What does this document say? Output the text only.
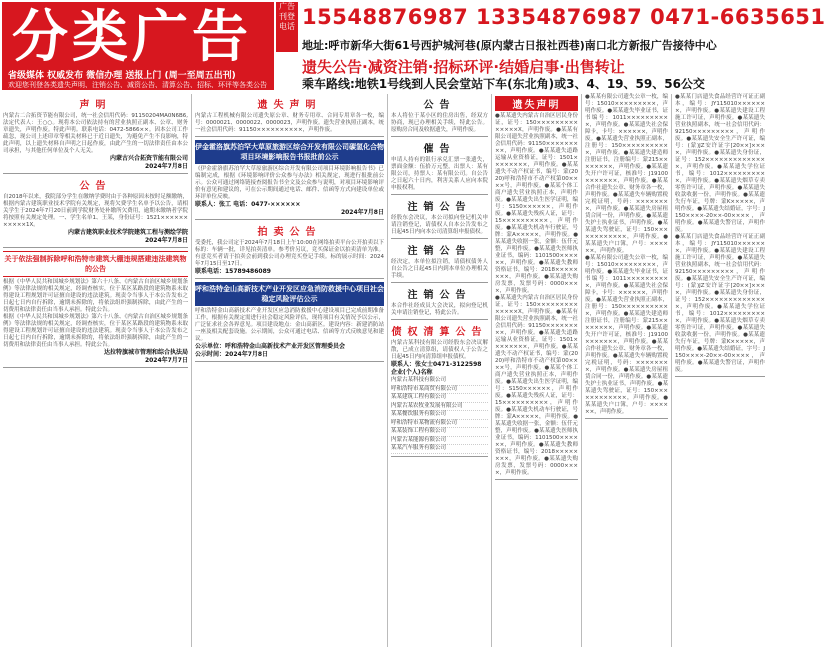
分类广告
省级媒体 权威发布 微信办理 送报上门 (周一至周五出刊)
欢迎您刊登各类遗失声明、注销公告、减资公告、清算公告、招标、环评等各类公告
广告刊登电话 15548876987 13354876987 0471-6635651
地址:呼市新华大街61号西护城河巷(原内蒙古日报社西巷)南口北方新报广告接待中心
遗失公告·减资注销·招标环评·结婚启事·出售转让
乘车路线:地铁1号线到人民会堂站下车(东北角)或3、4、19、59、56公交
声明
内蒙古二合拓资节能有限公司，统一社会信用代码：91150204MA0N6B6,法定代表人：王○○。现将本公司依法持有的营业执照正副本、公章、财务章遗失，声明作废。特此声明。联系电话：0472-5866××。因本公司工作疏忽，现公司上述印章等相关材料已于近日遗失，为避免产生不良影响，特此声明，以上遗失材料自声明之日起作废，由此产生的一切法律责任由本公司承担，与其他任何单位及个人无关。
内蒙古兴合拓资节能有限公司
2024年7月8日
公告
自2018年以来，我院部分学生在缴纳学费时由于各种原因未按时足额缴纳，根据内蒙古建筑职业技术学院有关规定，现将欠费学生名单予以公告，请相关学生于2024年7月20日前到学院财务处补缴所欠费用，逾期未缴纳者学院将按照有关规定处理。一、学生名单1、王某，身份证号：1521×××××××××××1X。
内蒙古建筑职业技术学院建筑工程与测绘学院
2024年7月8日
关于依法强制拆除呼和浩特市建筑大棚违规搭建违法建筑物的公告
根据《中华人民共和国城乡规划法》第六十八条、《内蒙古自治区城乡规划条例》等法律法规的相关规定，经调查核实，位于某区某路段的建筑物系未取得建设工程规划许可证擅自建设的违法建筑。现责令当事人于本公告发布之日起七日内自行拆除，逾期未拆除的，将依法组织强制拆除，由此产生的一切费用和法律责任由当事人承担。特此公告。
根据《中华人民共和国城乡规划法》第六十八条、《内蒙古自治区城乡规划条例》等法律法规的相关规定，经调查核实，位于某区某路段的建筑物系未取得建设工程规划许可证擅自建设的违法建筑。现责令当事人于本公告发布之日起七日内自行拆除，逾期未拆除的，将依法组织强制拆除，由此产生的一切费用和法律责任由当事人承担。特此公告。
达拉特旗城市管理和综合执法局
2024年7月7日
遗失声明
内蒙古工程机械有限公司遗失原公章、财务专用章、合同专用章各一枚，编号：0000021、0000022、0000023，声明作废。遗失营业执照正副本，统一社会信用代码：91150××××××××××，声明作废。
伊金霍洛旗苏泊罕大草原旅游区综合开发有限公司碳氢化合物项目环境影响报告书报批前公示
《伊金霍洛旗苏泊罕大草原旅游区综合开发有限公司项目环境影响报告书》已编制完成，根据《环境影响评价公众参与办法》相关规定，现进行报批前公示。公众可通过网络链接查阅报告书全文及公众参与说明，对项目环境影响评价有意见和建议的，可在公示期间通过电话、邮件、信函等方式向建设单位或环评单位反映。
联系人：张工 电话：0477-××××××
2024年7月8日
拍卖公告
受委托，我公司定于2024年7月18日上午10:00在网络拍卖平台公开拍卖以下标的：车辆一批，详见拍卖清单。参考价另议，竞买保证金以拍卖清单为准。有意竞买者请于拍卖会前到我公司办理竞买登记手续。标的展示时间：2024年7月15日至17日。
联系电话：15789486089
呼和浩特金山高新技术产业开发区应急消防救援中心项目社会稳定风险评估公示
呼和浩特金山高新技术产业开发区应急消防救援中心建设项目已完成前期准备工作，根据有关规定需进行社会稳定风险评估，现将项目有关情况予以公示，广泛征求社会各界意见。项目建设地点：金山高新区。建设内容：新建消防站一座及相关配套设施。公示期间，公众可通过电话、信函等方式反映意见和建议。
公示单位：呼和浩特金山高新技术产业开发区管理委员会
公示时间：2024年7月8日
公告
本人将位于某小区的住房出售，经双方协商，现已办理相关手续，特此公告。原购房合同及收据遗失，声明作废。
催告
申请人持有的银行承兑汇票一张遗失，票面金额：伍拾万元整，出票人：某有限公司，持票人：某有限公司。自公告之日起六十日内，利害关系人应向本院申报权利。
注销公告
经股东会决议，本公司拟向登记机关申请注销登记，请债权人自本公告发布之日起45日内向本公司清算组申报债权。
注销公告
经决定，本单位拟注销，请债权债务人自公告之日起45日内到本单位办理相关手续。
注销公告
本合作社经成员大会决议，拟向登记机关申请注销登记，特此公告。
债权清算公告
内蒙古某科技有限公司经股东会决议解散，已成立清算组，请债权人于公告之日起45日内向清算组申报债权。
联系人：张女士0471-3122598
企业(个人)名称
内蒙古某科技有限公司
呼和浩特市某商贸有限公司
某某建筑工程有限公司
内蒙古某农牧业发展有限公司
某某餐饮服务有限公司
呼和浩特市某物流有限公司
某某装饰工程有限公司
内蒙古某能源有限公司
某某汽车服务有限公司
遗失声明
●某某遗失内蒙古自治区居民身份证，证号：150××××××××××××××X，声明作废。●某某有限公司遗失营业执照副本，统一社会信用代码：91150×××××××××，声明作废。●某某遗失道路运输从业资格证，证号：1501××××××××，声明作废。●某某遗失不动产权证书，编号：蒙(2020)呼和浩特市不动产权第00××××号，声明作废。●某某个体工商户遗失营业执照正本，声明作废。●某某遗失出生医学证明，编号：S150××××××，声明作废。●某某遗失残疾人证，证号：15××××××××××，声明作废。●某某遗失机动车行驶证，号牌：蒙A×××××，声明作废。●某某遗失收据一张，金额：伍仟元整，声明作废。●某某遗失医师执业证书，编码：1101500××××××，声明作废。●某某遗失教师资格证书，编号：2018××××××××，声明作废。●某某遗失购房发票，发票号码：0000××××，声明作废。
●某某遗失内蒙古自治区居民身份证，证号：150××××××××××××××X，声明作废。●某某有限公司遗失营业执照副本，统一社会信用代码：91150×××××××××，声明作废。●某某遗失道路运输从业资格证，证号：1501××××××××，声明作废。●某某遗失不动产权证书，编号：蒙(2020)呼和浩特市不动产权第00××××号，声明作废。●某某个体工商户遗失营业执照正本，声明作废。●某某遗失出生医学证明，编号：S150××××××，声明作废。●某某遗失残疾人证，证号：15××××××××××，声明作废。●某某遗失机动车行驶证，号牌：蒙A×××××，声明作废。●某某遗失收据一张，金额：伍仟元整，声明作废。●某某遗失医师执业证书，编码：1101500××××××，声明作废。●某某遗失教师资格证书，编号：2018××××××××，声明作废。●某某遗失购房发票，发票号码：0000××××，声明作废。
●某某有限公司遗失公章一枚，编号：15010×××××××××，声明作废。●某某遗失毕业证书，证书编号：1011××××××××××，声明作废。●某某遗失社会保障卡，卡号：××××××，声明作废。●某某遗失营业执照正副本，注册号：150×××××××××××，声明作废。●某某遗失建造师注册证书，注册编号：蒙215××××××××，声明作废。●某某遗失开户许可证，核准号：J19100×××××××，声明作废。●某某合作社遗失公章、财务章各一枚，声明作废。●某某遗失车辆购置税完税证明，号码：××××××××，声明作废。●某某遗失房屋租赁合同一份，声明作废。●某某遗失护士执业证书，声明作废。●某某遗失驾驶证，证号：150××××××××××××，声明作废。●某某遗失户口簿，户号：××××××，声明作废。
●某某有限公司遗失公章一枚，编号：15010×××××××××，声明作废。●某某遗失毕业证书，证书编号：1011××××××××××，声明作废。●某某遗失社会保障卡，卡号：××××××，声明作废。●某某遗失营业执照正副本，注册号：150×××××××××××，声明作废。●某某遗失建造师注册证书，注册编号：蒙215××××××××，声明作废。●某某遗失开户许可证，核准号：J19100×××××××，声明作废。●某某合作社遗失公章、财务章各一枚，声明作废。●某某遗失车辆购置税完税证明，号码：××××××××，声明作废。●某某遗失房屋租赁合同一份，声明作废。●某某遗失护士执业证书，声明作废。●某某遗失驾驶证，证号：150××××××××××××，声明作废。●某某遗失户口簿，户号：××××××，声明作废。
●某某门店遗失食品经营许可证正副本，编号：JY115010×××××××，声明作废。●某某遗失建设工程施工许可证，声明作废。●某某遗失营业执照副本，统一社会信用代码：92150×××××××××，声明作废。●某某遗失安全生产许可证，编号：(蒙)JZ安许证字[20××]××××，声明作废。●某某遗失身份证，证号：152××××××××××××××，声明作废。●某某遗失学位证书，编号：1012××××××××××，声明作废。●某某遗失烟草专卖零售许可证，声明作废。●某某遗失收款收据一份，声明作废。●某某遗失行车证，号牌：蒙K×××××，声明作废。●某某遗失结婚证，字号：J150××××-20××-00××××，声明作废。●某某遗失警官证，声明作废。
●某某门店遗失食品经营许可证正副本，编号：JY115010×××××××，声明作废。●某某遗失建设工程施工许可证，声明作废。●某某遗失营业执照副本，统一社会信用代码：92150×××××××××，声明作废。●某某遗失安全生产许可证，编号：(蒙)JZ安许证字[20××]××××，声明作废。●某某遗失身份证，证号：152××××××××××××××，声明作废。●某某遗失学位证书，编号：1012××××××××××，声明作废。●某某遗失烟草专卖零售许可证，声明作废。●某某遗失收款收据一份，声明作废。●某某遗失行车证，号牌：蒙K×××××，声明作废。●某某遗失结婚证，字号：J150××××-20××-00××××，声明作废。●某某遗失警官证，声明作废。
